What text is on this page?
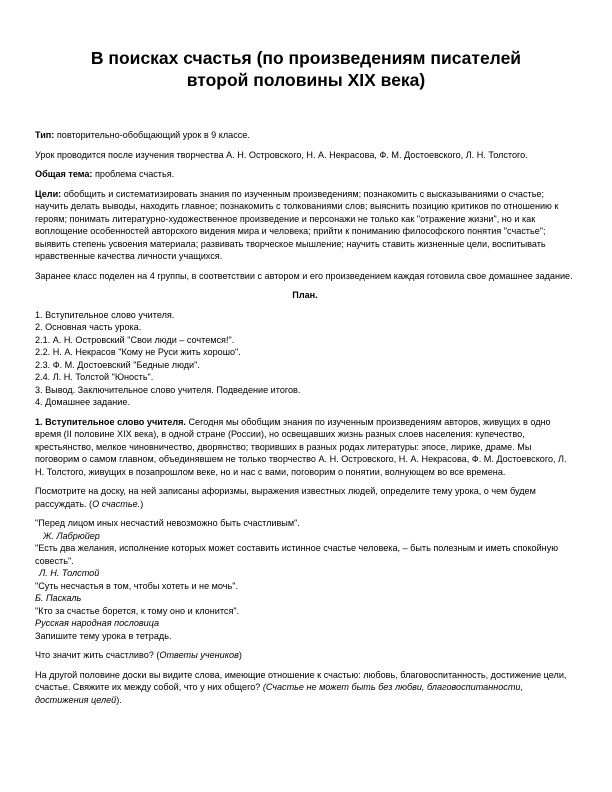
В поисках счастья (по произведениям писателей
второй половины XIX века)

Тип: повторительно-обобщающий урок в 9 классе.

Урок проводится после изучения творчества А. Н. Островского, Н. А. Некрасова, Ф. М. Достоевского, Л. Н. Толстого.

Общая тема: проблема счастья.

Цели: обобщить и систематизировать знания по изученным произведениям; познакомить с высказываниями о счастье; научить делать выводы, находить главное; познакомить с толкованиями слов; выяснить позицию критиков по отношению к героям; понимать литературно-художественное произведение и персонажи не только как "отражение жизни", но и как воплощение особенностей авторского видения мира и человека; прийти к пониманию философского понятия "счастье"; выявить степень усвоения материала; развивать творческое мышление; научить ставить жизненные цели, воспитывать нравственные качества личности учащихся.

Заранее класс поделен на 4 группы, в соответствии с автором и его произведением каждая готовила свое домашнее задание.

План.

1. Вступительное слово учителя.
2. Основная часть урока.
2.1. А. Н. Островский "Свои люди – сочтемся!".
2.2. Н. А. Некрасов "Кому не Руси жить хорошо".
2.3. Ф. М. Достоевский "Бедные люди".
2.4. Л. Н. Толстой "Юность".
3. Вывод. Заключительное слово учителя. Подведение итогов.
4. Домашнее задание.

1. Вступительное слово учителя. Сегодня мы обобщим знания по изученным произведениям авторов, живущих в одно время (II половине XIX века), в одной стране (России), но освещавших жизнь разных слоев населения: купечество, крестьянство, мелкое чиновничество, дворянство; творивших в разных родах литературы: эпосе, лирике, драме. Мы поговорим о самом главном, объединявшем не только творчество А. Н. Островского, Н. А. Некрасова, Ф. М. Достоевского, Л. Н. Толстого, живущих в позапрошлом веке, но и нас с вами, поговорим о понятии, волнующем во все времена.

Посмотрите на доску, на ней записаны афоризмы, выражения известных людей, определите тему урока, о чем будем рассуждать. (О счастье.)

"Перед лицом иных несчастий невозможно быть счастливым".
Ж. Лабрюйер
"Есть два желания, исполнение которых может составить истинное счастье человека, – быть полезным и иметь спокойную совесть".
Л. Н. Толстой
"Суть несчастья в том, чтобы хотеть и не мочь".
Б. Паскаль
"Кто за счастье борется, к тому оно и клонится".
Русская народная пословица
Запишите тему урока в тетрадь.

Что значит жить счастливо? (Ответы учеников)

На другой половине доски вы видите слова, имеющие отношение к счастью: любовь, благовоспитанность, достижение цели, счастье. Свяжите их между собой, что у них общего? (Счастье не может быть без любви, благовоспитанности, достижения целей).
